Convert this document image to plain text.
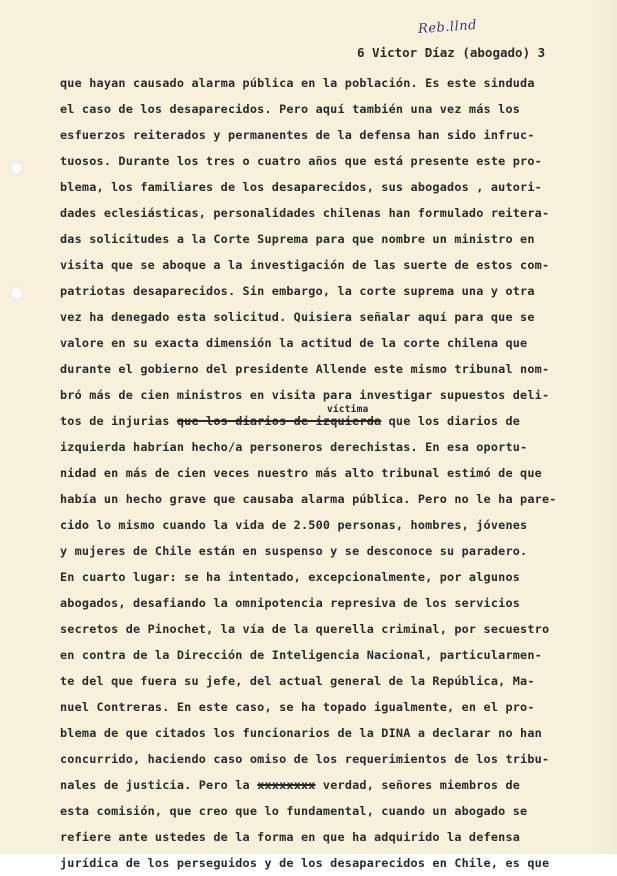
Reb.llnd
6 Victor Díaz (abogado) 3
que hayan causado alarma pública en la población. Es este sinduda
el caso de los desaparecidos. Pero aquí también una vez más los
esfuerzos reiterados y permanentes de la defensa han sido infruc-
tuosos. Durante los tres o cuatro años que está presente este pro-
blema, los familiares de los desaparecidos, sus abogados , autori-
dades eclesiásticas, personalidades chilenas han formulado reitera-
das solicitudes a la Corte Suprema para que nombre un ministro en
visita que se aboque a la investigación de las suerte de estos com-
patriotas desaparecidos. Sin embargo, la corte suprema una y otra
vez ha denegado esta solicitud. Quisiera señalar aquí para que se
valore en su exacta dimensión la actitud de la corte chilena que
durante el gobierno del presidente Allende este mismo tribunal nom-
bró más de cien ministros en visita para investigar supuestos deli-
tos de injurias que los diarios de izquierda que los diarios de
víctima
izquierda habrían hecho/a personeros derechistas. En esa oportu-
nidad en más de cien veces nuestro más alto tribunal estimó de que
había un hecho grave que causaba alarma pública. Pero no le ha pare-
cido lo mismo cuando la vida de 2.500 personas, hombres, jóvenes
y mujeres de Chile están en suspenso y se desconoce su paradero.
En cuarto lugar: se ha intentado, excepcionalmente, por algunos
abogados, desafiando la omnipotencia represiva de los servicios
secretos de Pinochet, la vía de la querella criminal, por secuestro
en contra de la Dirección de Inteligencia Nacional, particularmen-
te del que fuera su jefe, del actual general de la República, Ma-
nuel Contreras. En este caso, se ha topado igualmente, en el pro-
blema de que citados los funcionarios de la DINA a declarar no han
concurrido, haciendo caso omiso de los requerimientos de los tribu-
nales de justicia. Pero la xxxxxxxx verdad, señores miembros de
esta comisión, que creo que lo fundamental, cuando un abogado se
refiere ante ustedes de la forma en que ha adquirido la defensa
jurídica de los perseguidos y de los desaparecidos en Chile, es que
